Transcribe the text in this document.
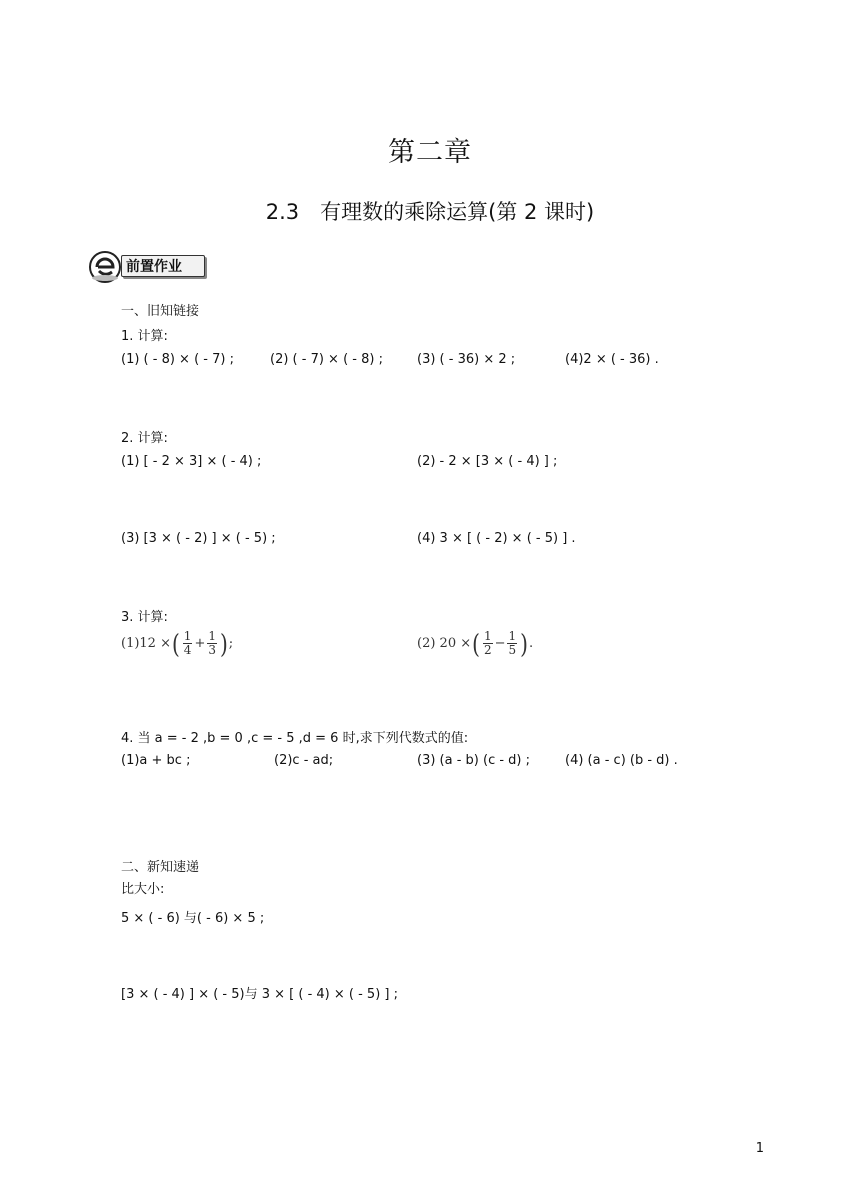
第二章
2.3　有理数的乘除运算(第 2 课时)
前置作业
一、旧知链接
1. 计算:
(1) ( - 8) × ( - 7) ;	(2) ( - 7) × ( - 8) ;	(3) ( - 36) × 2 ;	(4)2 × ( - 36) .
2. 计算:
(1) [ - 2 × 3] × ( - 4) ;	(2) - 2 × [3 × ( - 4) ] ;
(3) [3 × ( - 2) ] × ( - 5) ;	(4) 3 × [ ( - 2) × ( - 5) ] .
3. 计算:
(1)12 × ( $\frac{1}{4} + \frac{1}{3}$ ) ;	(2) 20 × ( $\frac{1}{2} - \frac{1}{5}$ ) .
4. 当 a = - 2 ,b = 0 ,c = - 5 ,d = 6 时,求下列代数式的值:
(1)a + bc ;	(2)c - ad;	(3) (a - b) (c - d) ;	(4) (a - c) (b - d) .
二、新知速递
比大小:
5 × ( - 6) 与( - 6) × 5 ;
[3 × ( - 4) ] × ( - 5)与 3 × [ ( - 4) × ( - 5) ] ;
1
